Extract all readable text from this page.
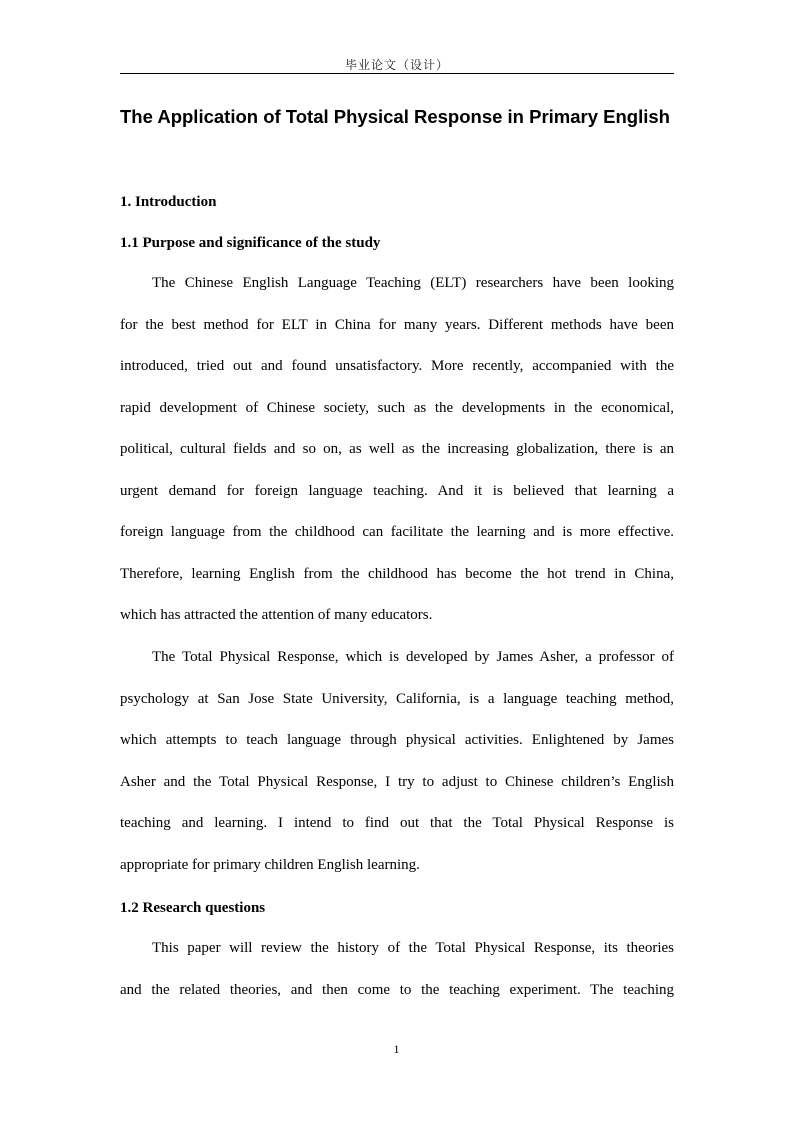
毕业论文（设计）
The Application of Total Physical Response in Primary English
1. Introduction
1.1 Purpose and significance of the study
The Chinese English Language Teaching (ELT) researchers have been looking
for the best method for ELT in China for many years. Different methods have been
introduced, tried out and found unsatisfactory. More recently, accompanied with the
rapid development of Chinese society, such as the developments in the economical,
political, cultural fields and so on, as well as the increasing globalization, there is an
urgent demand for foreign language teaching. And it is believed that learning a
foreign language from the childhood can facilitate the learning and is more effective.
Therefore, learning English from the childhood has become the hot trend in China,
which has attracted the attention of many educators.
The Total Physical Response, which is developed by James Asher, a professor of
psychology at San Jose State University, California, is a language teaching method,
which attempts to teach language through physical activities. Enlightened by James
Asher and the Total Physical Response, I try to adjust to Chinese children’s English
teaching and learning. I intend to find out that the Total Physical Response is
appropriate for primary children English learning.
1.2 Research questions
This paper will review the history of the Total Physical Response, its theories
and the related theories, and then come to the teaching experiment. The teaching
1
